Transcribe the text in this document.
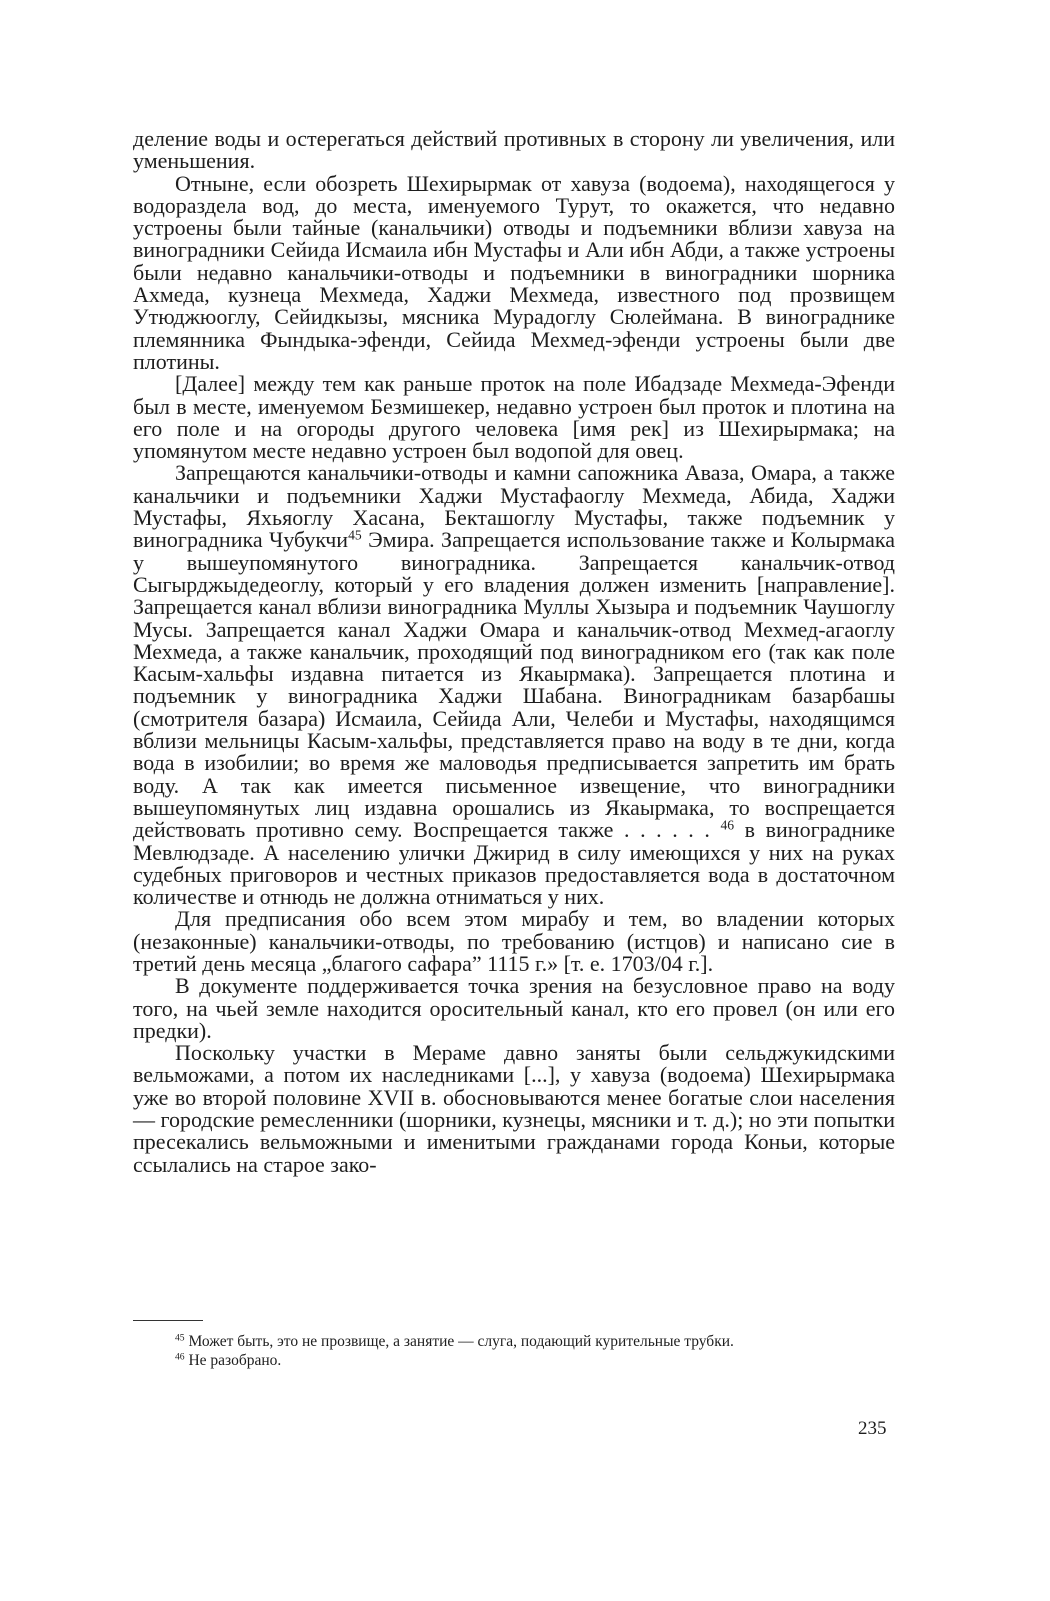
деление воды и остерегаться действий противных в сторону ли увеличения, или уменьшения.

Отныне, если обозреть Шехирырмак от хавуза (водоема), находящегося у водораздела вод, до места, именуемого Турут, то окажется, что недавно устроены были тайные (канальчики) отводы и подъемники вблизи хавуза на виноградники Сейида Исмаила ибн Мустафы и Али ибн Абди, а также устроены были недавно канальчики-отводы и подъемники в виноградники шорника Ахмеда, кузнеца Мехмеда, Хаджи Мехмеда, известного под прозвищем Утюджюоглу, Сейидкызы, мясника Мурадоглу Сюлеймана. В винограднике племянника Фындыка-эфенди, Сейида Мехмед-эфенди устроены были две плотины.

[Далее] между тем как раньше проток на поле Ибадзаде Мехмеда-Эфенди был в месте, именуемом Безмишекер, недавно устроен был проток и плотина на его поле и на огороды другого человека [имя рек] из Шехирырмака; на упомянутом месте недавно устроен был водопой для овец.

Запрещаются канальчики-отводы и камни сапожника Аваза, Омара, а также канальчики и подъемники Хаджи Мустафаоглу Мехмеда, Абида, Хаджи Мустафы, Яхьяоглу Хасана, Бекташоглу Мустафы, также подъемник у виноградника Чубукчи$^{45}$ Эмира. Запрещается использование также и Колырмака у вышеупомянутого виноградника. Запрещается канальчик-отвод Сыгырджыдедеоглу, который у его владения должен изменить [направление]. Запрещается канал вблизи виноградника Муллы Хызыра и подъемник Чаушоглу Мусы. Запрещается канал Хаджи Омара и канальчик-отвод Мехмед-агаоглу Мехмеда, а также канальчик, проходящий под виноградником его (так как поле Касым-хальфы издавна питается из Якаырмака). Запрещается плотина и подъемник у виноградника Хаджи Шабана. Виноградникам базарбашы (смотрителя базара) Исмаила, Сейида Али, Челеби и Мустафы, находящимся вблизи мельницы Касым-хальфы, представляется право на воду в те дни, когда вода в изобилии; во время же маловодья предписывается запретить им брать воду. А так как имеется письменное извещение, что виноградники вышеупомянутых лиц издавна орошались из Якаырмака, то воспрещается действовать противно сему. Воспрещается также . . . . . . $^{46}$ в винограднике Мевлюдзаде. А населению улички Джирид в силу имеющихся у них на руках судебных приговоров и честных приказов предоставляется вода в достаточном количестве и отнюдь не должна отниматься у них.

Для предписания обо всем этом мирабу и тем, во владении которых (незаконные) канальчики-отводы, по требованию (истцов) и написано сие в третий день месяца „благого сафара” 1115 г.» [т. е. 1703/04 г.].

В документе поддерживается точка зрения на безусловное право на воду того, на чьей земле находится оросительный канал, кто его провел (он или его предки).

Поскольку участки в Мераме давно заняты были сельджукидскими вельможами, а потом их наследниками [...], у хавуза (водоема) Шехирырмака уже во второй половине XVII в. обосновываются менее богатые слои населения — городские ремесленники (шорники, кузнецы, мясники и т. д.); но эти попытки пресекались вельможными и именитыми гражданами города Коньи, которые ссылались на старое зако-

$^{45}$ Может быть, это не прозвище, а занятие — слуга, подающий курительные трубки.

$^{46}$ Не разобрано.

235
